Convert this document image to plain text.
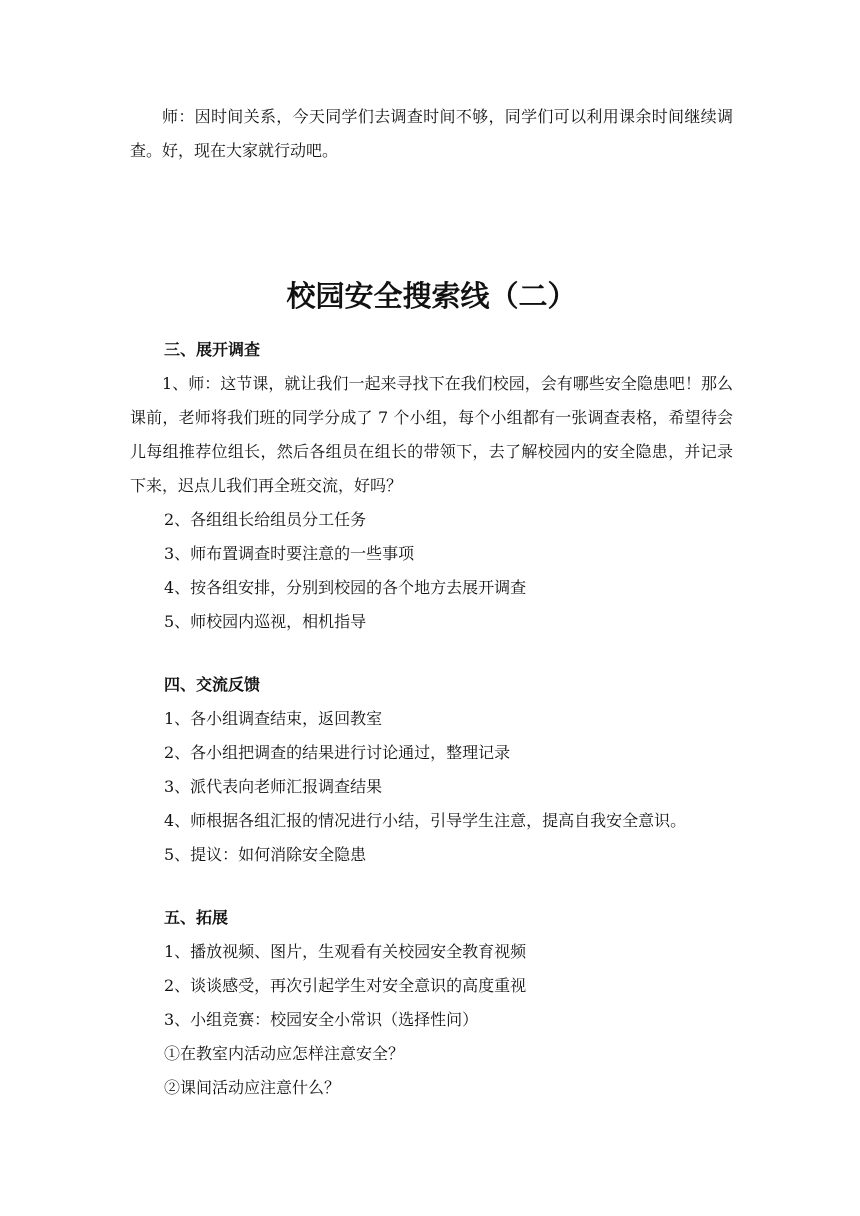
师：因时间关系，今天同学们去调查时间不够，同学们可以利用课余时间继续调查。好，现在大家就行动吧。

校园安全搜索线（二）

三、展开调查

1、师：这节课，就让我们一起来寻找下在我们校园，会有哪些安全隐患吧！那么课前，老师将我们班的同学分成了 7 个小组，每个小组都有一张调查表格，希望待会儿每组推荐位组长，然后各组员在组长的带领下，去了解校园内的安全隐患，并记录下来，迟点儿我们再全班交流，好吗？

2、各组组长给组员分工任务

3、师布置调查时要注意的一些事项

4、按各组安排，分别到校园的各个地方去展开调查

5、师校园内巡视，相机指导

四、交流反馈

1、各小组调查结束，返回教室

2、各小组把调查的结果进行讨论通过，整理记录

3、派代表向老师汇报调查结果

4、师根据各组汇报的情况进行小结，引导学生注意，提高自我安全意识。

5、提议：如何消除安全隐患

五、拓展

1、播放视频、图片，生观看有关校园安全教育视频

2、谈谈感受，再次引起学生对安全意识的高度重视

3、小组竞赛：校园安全小常识（选择性问）

①在教室内活动应怎样注意安全？

②课间活动应注意什么？
